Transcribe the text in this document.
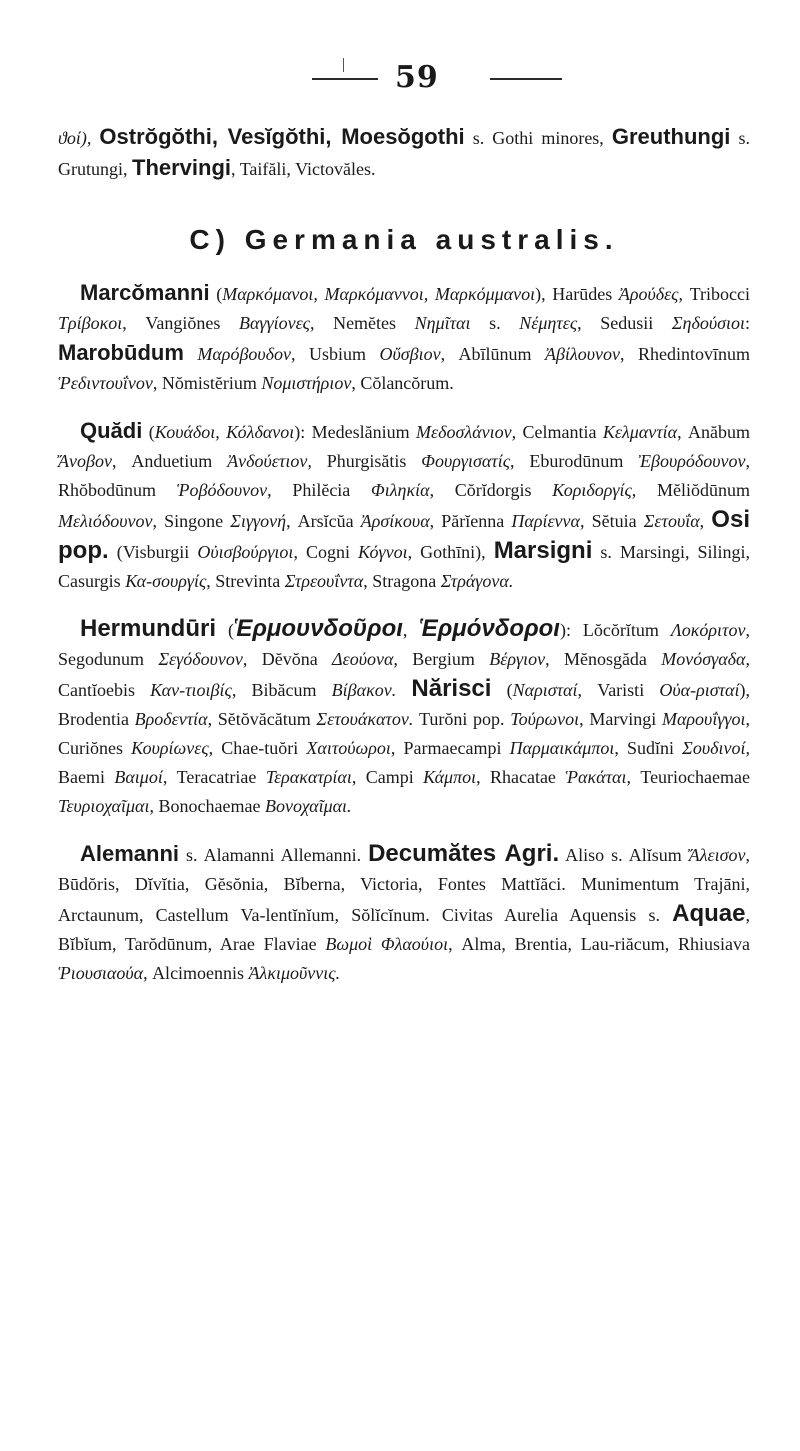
59

ϑοί), Ostrŏgŏthi, Vesĭgŏthi, Moesŏgothi s. Gothi minores, Greuthungi s. Grutungi, Thervingi, Taifăli, Victovăles.

C) Germania australis.

Marcŏmanni (Μαρκόμανοι, Μαρκόμαννοι, Μαρκόμμανοι), Harūdes Ἀρούδες, Tribocci Τρίβοκοι, Vangiŏnes Βαγγίονες, Nemĕtes Νημῖται s. Νέμητες, Sedusii Σηδούσιοι: Marobūdum Μαρόβουδον, Usbium Οὔσβιον, Abīlūnum Ἀβίλουνον, Rhedintovīnum Ῥεδιντουΐνον, Nŏmistĕrium Νομιστήριον, Cŏlancŏrum.

Quădi (Κουάδοι, Κόλδανοι): Medeslănium Μεδοσλάνιον, Celmantia Κελμαντία, Anăbum Ἄνοβον, Anduetium Ἀνδούετιον, Phurgisătis Φουργισατίς, Eburodūnum Ἐβουρόδουνον, Rhŏbodūnum Ῥοβόδουνον, Philĕcia Φιληκία, Cŏrĭdorgis Κοριδοργίς, Mĕliŏdūnum Μελιόδουνον, Singone Σιγγονή, Arsĭcŭa Ἀρσίκουα, Părĭenna Παρίεννα, Sĕtuia Σετουΐα, Osi pop. (Visburgii Οὐισβούργιοι, Cogni Κόγνοι, Gothīni), Marsigni s. Marsingi, Silingi, Casurgis Κα-σουργίς, Strevinta Στρεουΐντα, Stragona Στράγονα.

Hermundūri (Ἑρμουνδοῦροι, Ἑρμόνδοροι): Lŏcŏrĭtum Λοκόριτον, Segodunum Σεγόδουνον, Dĕvŏna Δεούονα, Bergium Βέργιον, Mĕnosgăda Μονόσγαδα, Cantĭoebis Καν-τιοιβίς, Bibăcum Βίβακον. Nărisci (Ναρισταί, Varisti Οὐα-ρισταί), Brodentia Βροδεντία, Sĕtŏvăcătum Σετουάκατον. Turŏni pop. Τούρωνοι, Marvingi Μαρουΐγγοι, Curiŏnes Κουρίωνες, Chae-tuŏri Χαιτούωροι, Parmaecampi Παρμαικάμποι, Sudĭni Σουδινοί, Baemi Βαιμοί, Teracatriae Τερακατρίαι, Campi Κάμποι, Rhacatae Ῥακάται, Teuriochaemae Τευριοχαῖμαι, Bonochaemae Βονοχαῖμαι.

Alemanni s. Alamanni Allemanni. Decumătes Agri. Aliso s. Alĭsum Ἄλεισον, Būdŏris, Dĭvĭtia, Gĕsŏnia, Bĭberna, Victoria, Fontes Mattĭăci. Munimentum Trajāni, Arctaunum, Castellum Va-lentĭnĭum, Sŏlĭcĭnum. Civitas Aurelia Aquensis s. Aquae, Bĭbĭum, Tarŏdūnum, Arae Flaviae Βωμοὶ Φλαούιοι, Alma, Brentia, Lau-riăcum, Rhiusiava Ῥιουσιαούα, Alcimoennis Ἀλκιμοῦννις.
